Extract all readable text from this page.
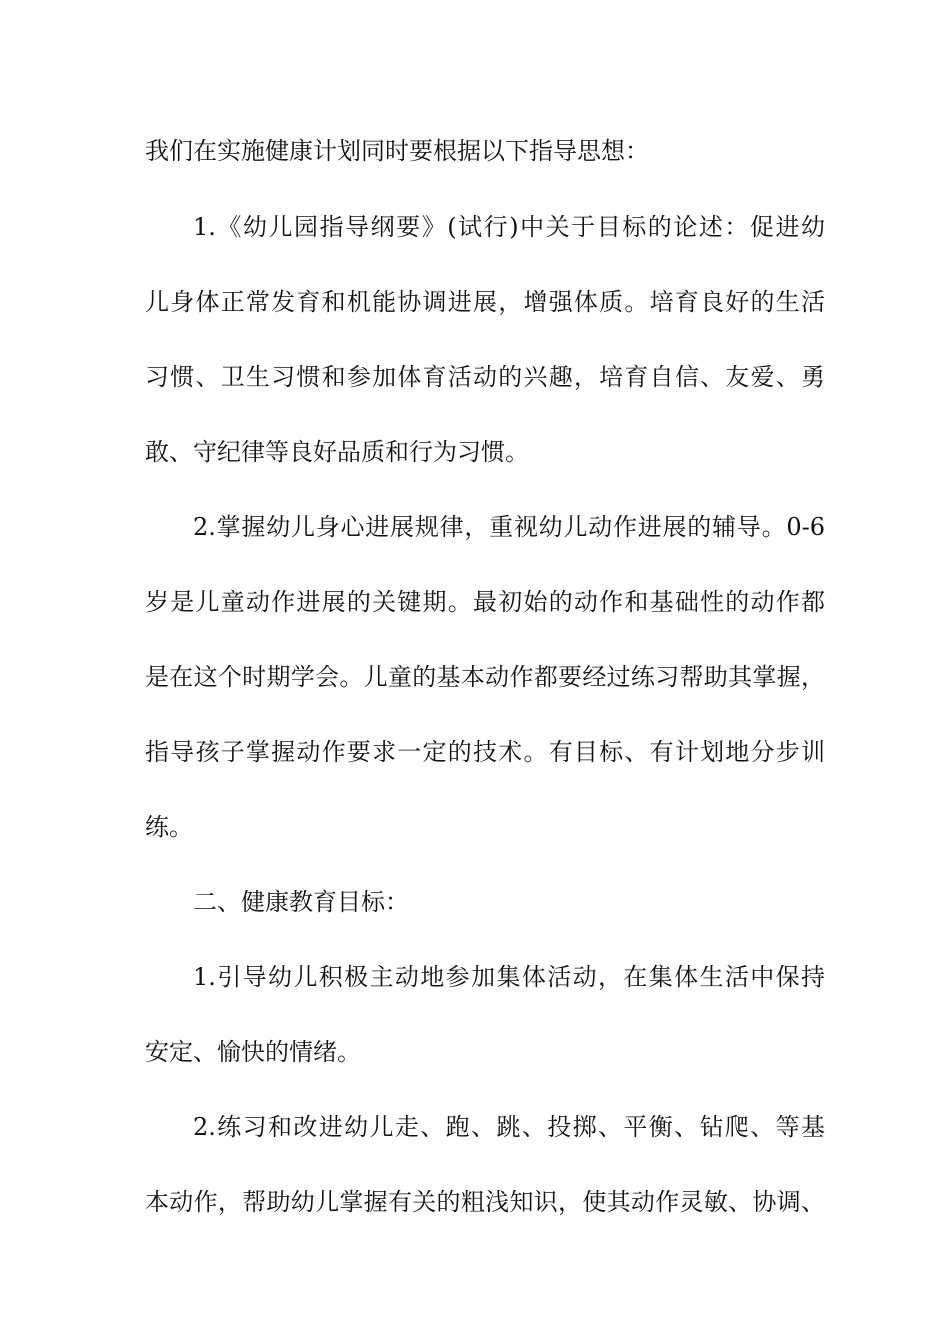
我们在实施健康计划同时要根据以下指导思想：
1.《幼儿园指导纲要》(试行)中关于目标的论述：促进幼
儿身体正常发育和机能协调进展，增强体质。培育良好的生活
习惯、卫生习惯和参加体育活动的兴趣，培育自信、友爱、勇
敢、守纪律等良好品质和行为习惯。
2.掌握幼儿身心进展规律，重视幼儿动作进展的辅导。0-6
岁是儿童动作进展的关键期。最初始的动作和基础性的动作都
是在这个时期学会。儿童的基本动作都要经过练习帮助其掌握，
指导孩子掌握动作要求一定的技术。有目标、有计划地分步训
练。
二、健康教育目标：
1.引导幼儿积极主动地参加集体活动，在集体生活中保持
安定、愉快的情绪。
2.练习和改进幼儿走、跑、跳、投掷、平衡、钻爬、等基
本动作，帮助幼儿掌握有关的粗浅知识，使其动作灵敏、协调、
